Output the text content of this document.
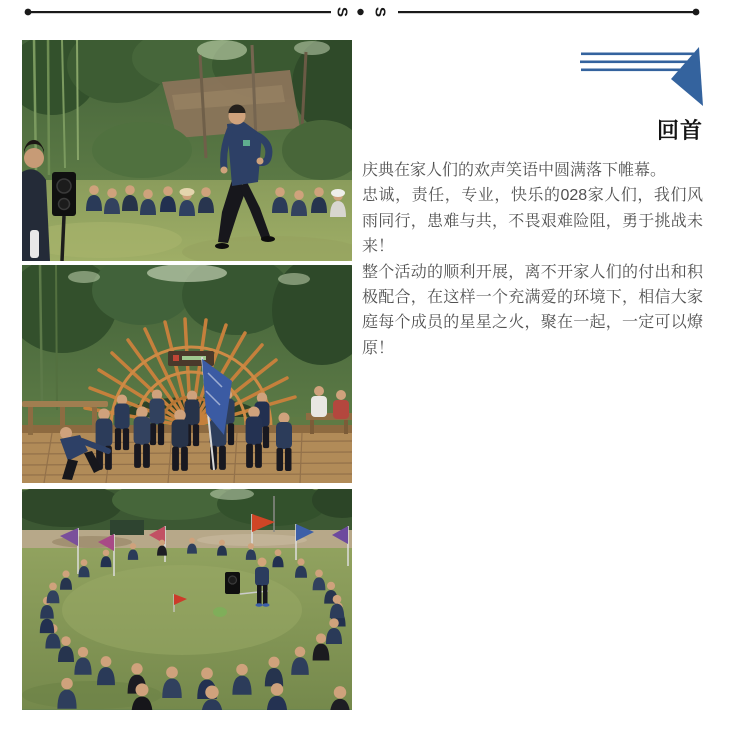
S S
回首

庆典在家人们的欢声笑语中圆满落下帷幕。

忠诚，责任，专业，快乐的028家人们，我们风雨同行，患难与共，不畏艰难险阻，勇于挑战未来！

整个活动的顺利开展，离不开家人们的付出和积极配合，在这样一个充满爱的环境下，相信大家庭每个成员的星星之火，聚在一起，一定可以燎原！
